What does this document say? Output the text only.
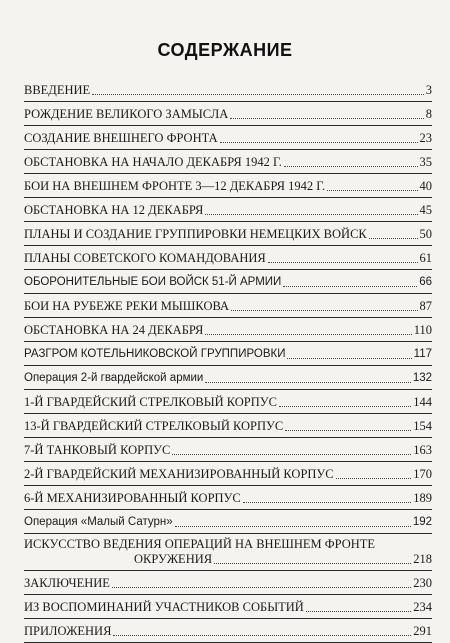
СОДЕРЖАНИЕ
ВВЕДЕНИЕ	3
РОЖДЕНИЕ ВЕЛИКОГО ЗАМЫСЛА	8
СОЗДАНИЕ ВНЕШНЕГО ФРОНТА	23
ОБСТАНОВКА НА НАЧАЛО ДЕКАБРЯ 1942 Г.	35
БОИ НА ВНЕШНЕМ ФРОНТЕ 3—12 ДЕКАБРЯ 1942 Г.	40
ОБСТАНОВКА НА 12 ДЕКАБРЯ	45
ПЛАНЫ И СОЗДАНИЕ ГРУППИРОВКИ НЕМЕЦКИХ ВОЙСК	50
ПЛАНЫ СОВЕТСКОГО КОМАНДОВАНИЯ	61
ОБОРОНИТЕЛЬНЫЕ БОИ ВОЙСК 51-Й АРМИИ	66
БОИ НА РУБЕЖЕ РЕКИ МЫШКОВА	87
ОБСТАНОВКА НА 24 ДЕКАБРЯ	110
РАЗГРОМ КОТЕЛЬНИКОВСКОЙ ГРУППИРОВКИ	117
Операция 2-й гвардейской армии	132
1-Й ГВАРДЕЙСКИЙ СТРЕЛКОВЫЙ КОРПУС	144
13-Й ГВАРДЕЙСКИЙ СТРЕЛКОВЫЙ КОРПУС	154
7-Й ТАНКОВЫЙ КОРПУС	163
2-Й ГВАРДЕЙСКИЙ МЕХАНИЗИРОВАННЫЙ КОРПУС	170
6-Й МЕХАНИЗИРОВАННЫЙ КОРПУС	189
Операция «Малый Сатурн»	192
ИСКУССТВО ВЕДЕНИЯ ОПЕРАЦИЙ НА ВНЕШНЕМ ФРОНТЕ
ОКРУЖЕНИЯ	218
ЗАКЛЮЧЕНИЕ	230
ИЗ ВОСПОМИНАНИЙ УЧАСТНИКОВ СОБЫТИЙ	234
ПРИЛОЖЕНИЯ	291
